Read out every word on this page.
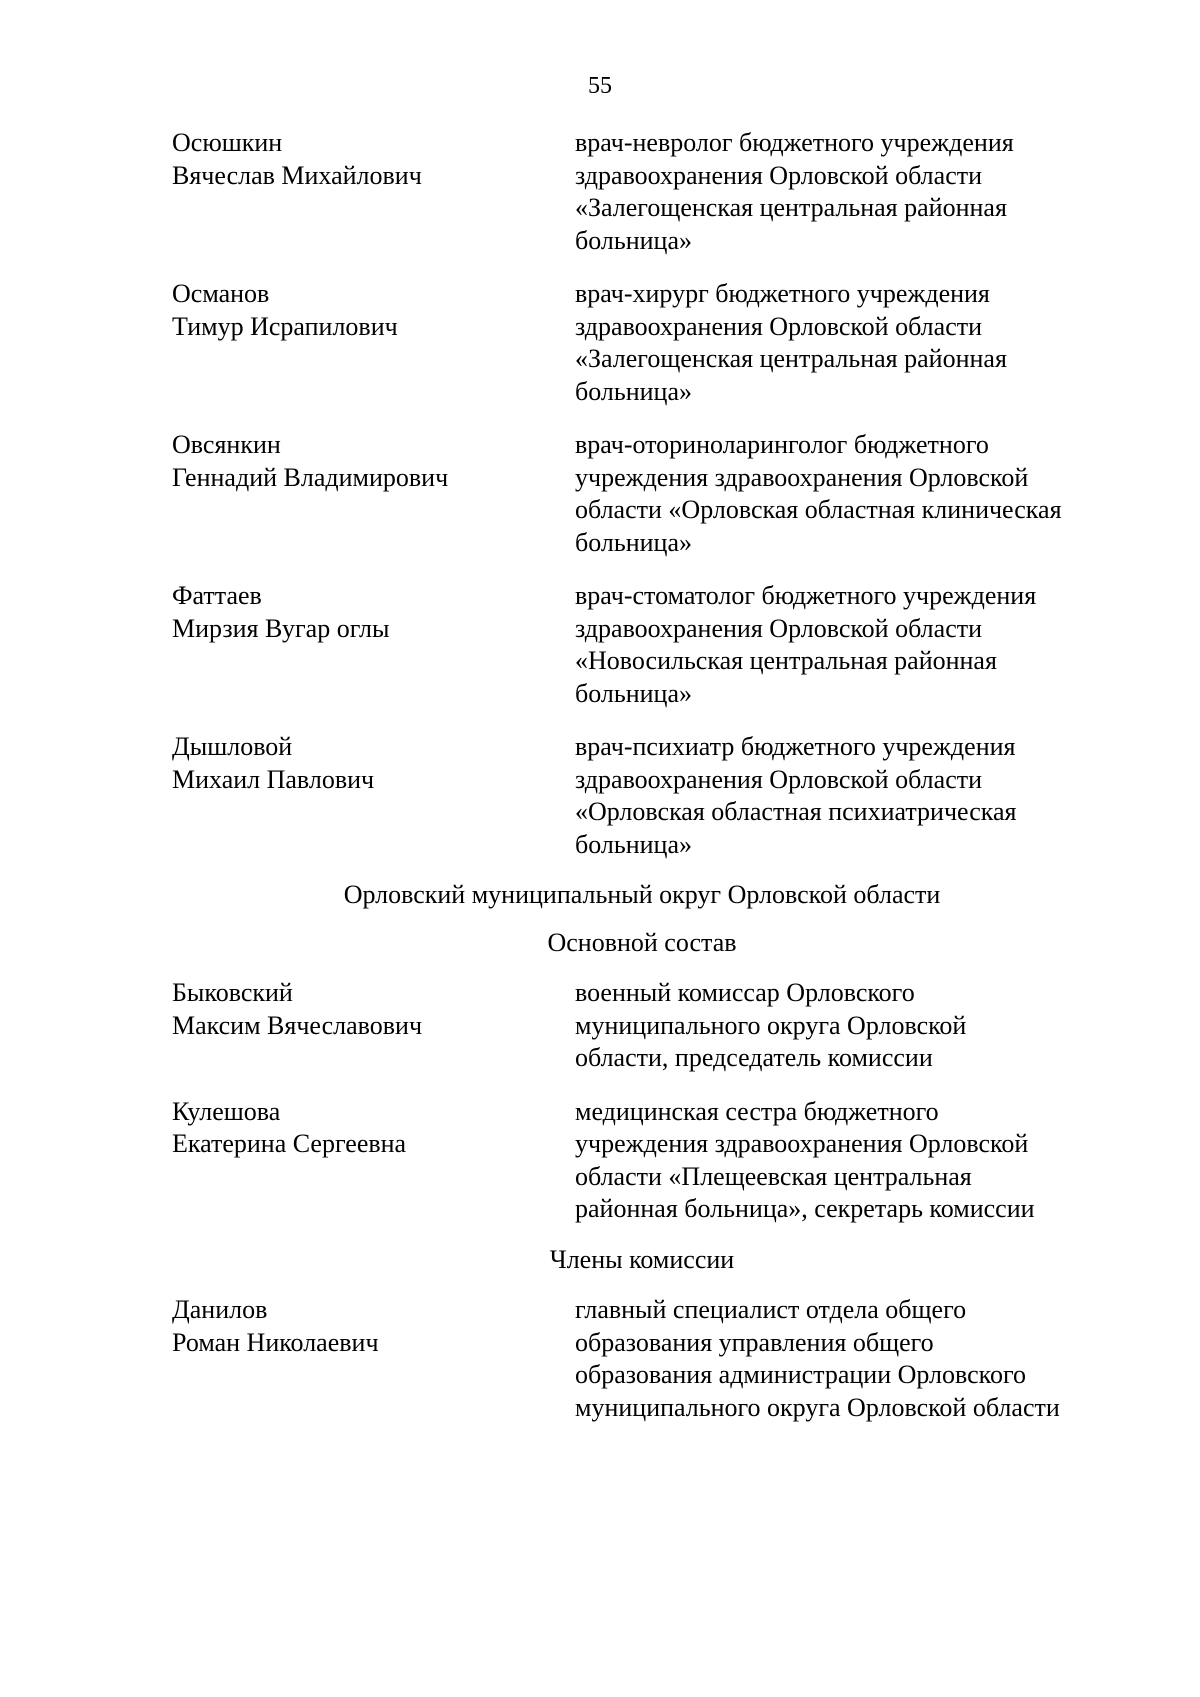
55
Осюшкин
Вячеслав Михайлович
врач-невролог бюджетного учреждения
здравоохранения Орловской области
«Залегощенская центральная районная
больница»
Османов
Тимур Исрапилович
врач-хирург бюджетного учреждения
здравоохранения Орловской области
«Залегощенская центральная районная
больница»
Овсянкин
Геннадий Владимирович
врач-оториноларинголог бюджетного
учреждения здравоохранения Орловской
области «Орловская областная клиническая
больница»
Фаттаев
Мирзия Вугар оглы
врач-стоматолог бюджетного учреждения
здравоохранения Орловской области
«Новосильская центральная районная
больница»
Дышловой
Михаил Павлович
врач-психиатр бюджетного учреждения
здравоохранения Орловской области
«Орловская областная психиатрическая
больница»
Орловский муниципальный округ Орловской области
Основной состав
Быковский
Максим Вячеславович
военный комиссар Орловского
муниципального округа Орловской
области, председатель комиссии
Кулешова
Екатерина Сергеевна
медицинская сестра бюджетного
учреждения здравоохранения Орловской
области «Плещеевская центральная
районная больница», секретарь комиссии
Члены комиссии
Данилов
Роман Николаевич
главный специалист отдела общего
образования управления общего
образования администрации Орловского
муниципального округа Орловской области
